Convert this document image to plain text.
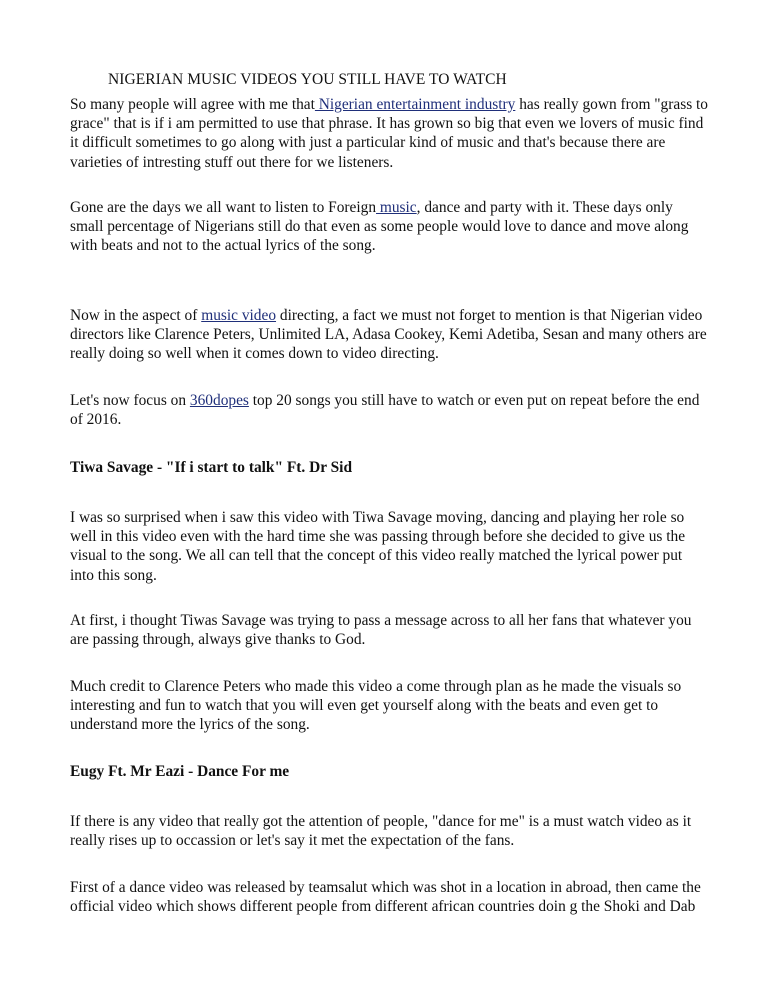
NIGERIAN MUSIC VIDEOS YOU STILL HAVE TO WATCH
So many people will agree with me that Nigerian entertainment industry has really gown from "grass to
grace" that is if i am permitted to use that phrase. It has grown so big that even we lovers of music find
it difficult sometimes to go along with just a particular kind of music and that's because there are
varieties of intresting stuff out there for we listeners.
Gone are the days we all want to listen to Foreign music, dance and party with it. These days only
small percentage of Nigerians still do that even as some people would love to dance and move along
with beats and not to the actual lyrics of the song.
Now in the aspect of music video directing, a fact we must not forget to mention is that Nigerian video
directors like Clarence Peters, Unlimited LA, Adasa Cookey, Kemi Adetiba, Sesan and many others are
really doing so well when it comes down to video directing.
Let's now focus on 360dopes top 20 songs you still have to watch or even put on repeat before the end
of 2016.
Tiwa Savage - "If i start to talk" Ft. Dr Sid
I was so surprised when i saw this video with Tiwa Savage moving, dancing and playing her role so
well in this video even with the hard time she was passing through before she decided to give us the
visual to the song. We all can tell that the concept of this video really matched the lyrical power put
into this song.
At first, i thought Tiwas Savage was trying to pass a message across to all her fans that whatever you
are passing through, always give thanks to God.
Much credit to Clarence Peters who made this video a come through plan as he made the visuals so
interesting and fun to watch that you will even get yourself along with the beats and even get to
understand more the lyrics of the song.
Eugy Ft. Mr Eazi - Dance For me
If there is any video that really got the attention of people, "dance for me" is a must watch video as it
really rises up to occassion or let's say it met the expectation of the fans.
First of a dance video was released by teamsalut which was shot in a location in abroad, then came the
official video which shows different people from different african countries doin g the Shoki and Dab
